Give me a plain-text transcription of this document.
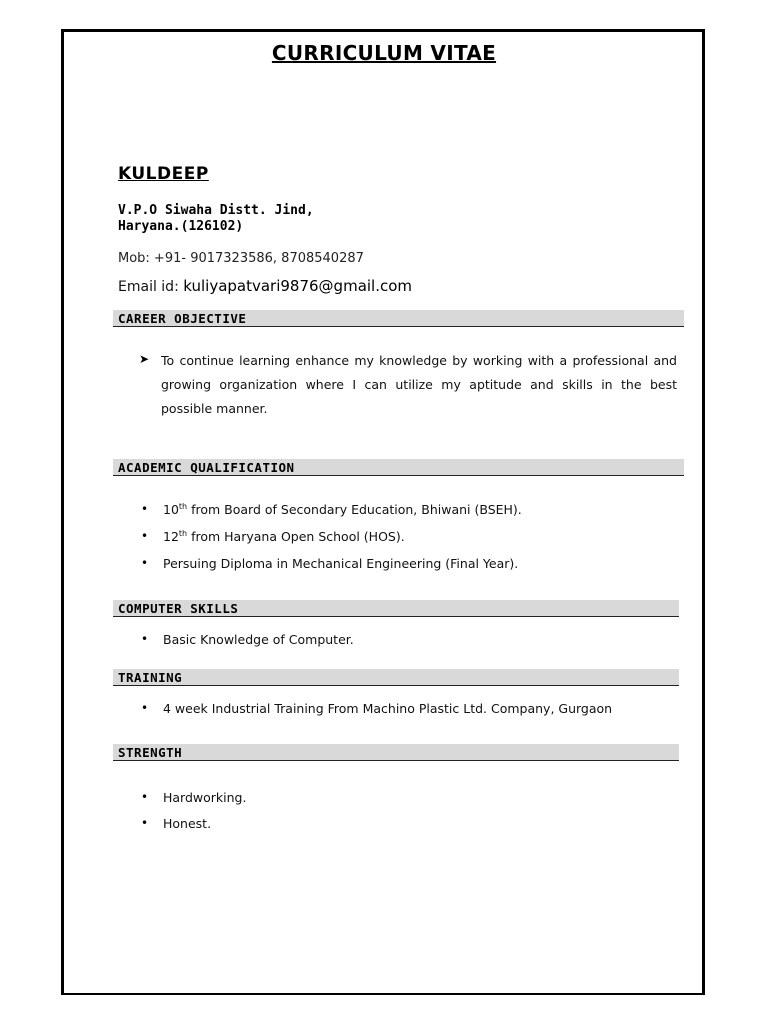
CURRICULUM VITAE
KULDEEP
V.P.O Siwaha Distt. Jind,
Haryana.(126102)
Mob: +91- 9017323586, 8708540287
Email id: kuliyapatvari9876@gmail.com
CAREER OBJECTIVE
➤ To continue learning enhance my knowledge by working with a professional and growing organization where I can utilize my aptitude and skills in the best possible manner.
ACADEMIC QUALIFICATION
• 10th from Board of Secondary Education, Bhiwani (BSEH).
• 12th from Haryana Open School (HOS).
• Persuing Diploma in Mechanical Engineering (Final Year).
COMPUTER SKILLS
• Basic Knowledge of Computer.
TRAINING
• 4 week Industrial Training From Machino Plastic Ltd. Company, Gurgaon
STRENGTH
• Hardworking.
• Honest.
